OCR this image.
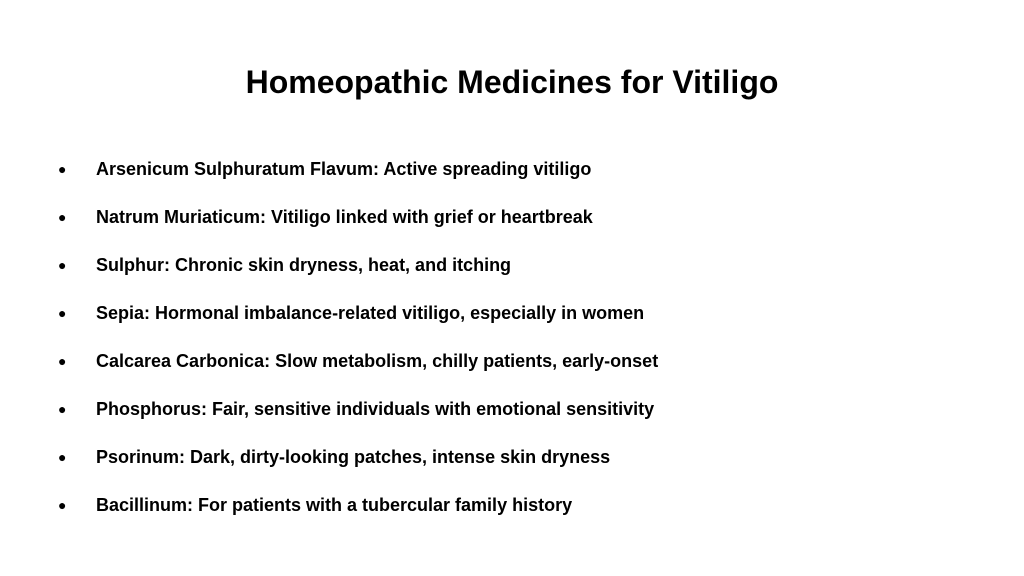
Homeopathic Medicines for Vitiligo
● Arsenicum Sulphuratum Flavum: Active spreading vitiligo
● Natrum Muriaticum: Vitiligo linked with grief or heartbreak
● Sulphur: Chronic skin dryness, heat, and itching
● Sepia: Hormonal imbalance-related vitiligo, especially in women
● Calcarea Carbonica: Slow metabolism, chilly patients, early-onset
● Phosphorus: Fair, sensitive individuals with emotional sensitivity
● Psorinum: Dark, dirty-looking patches, intense skin dryness
● Bacillinum: For patients with a tubercular family history
